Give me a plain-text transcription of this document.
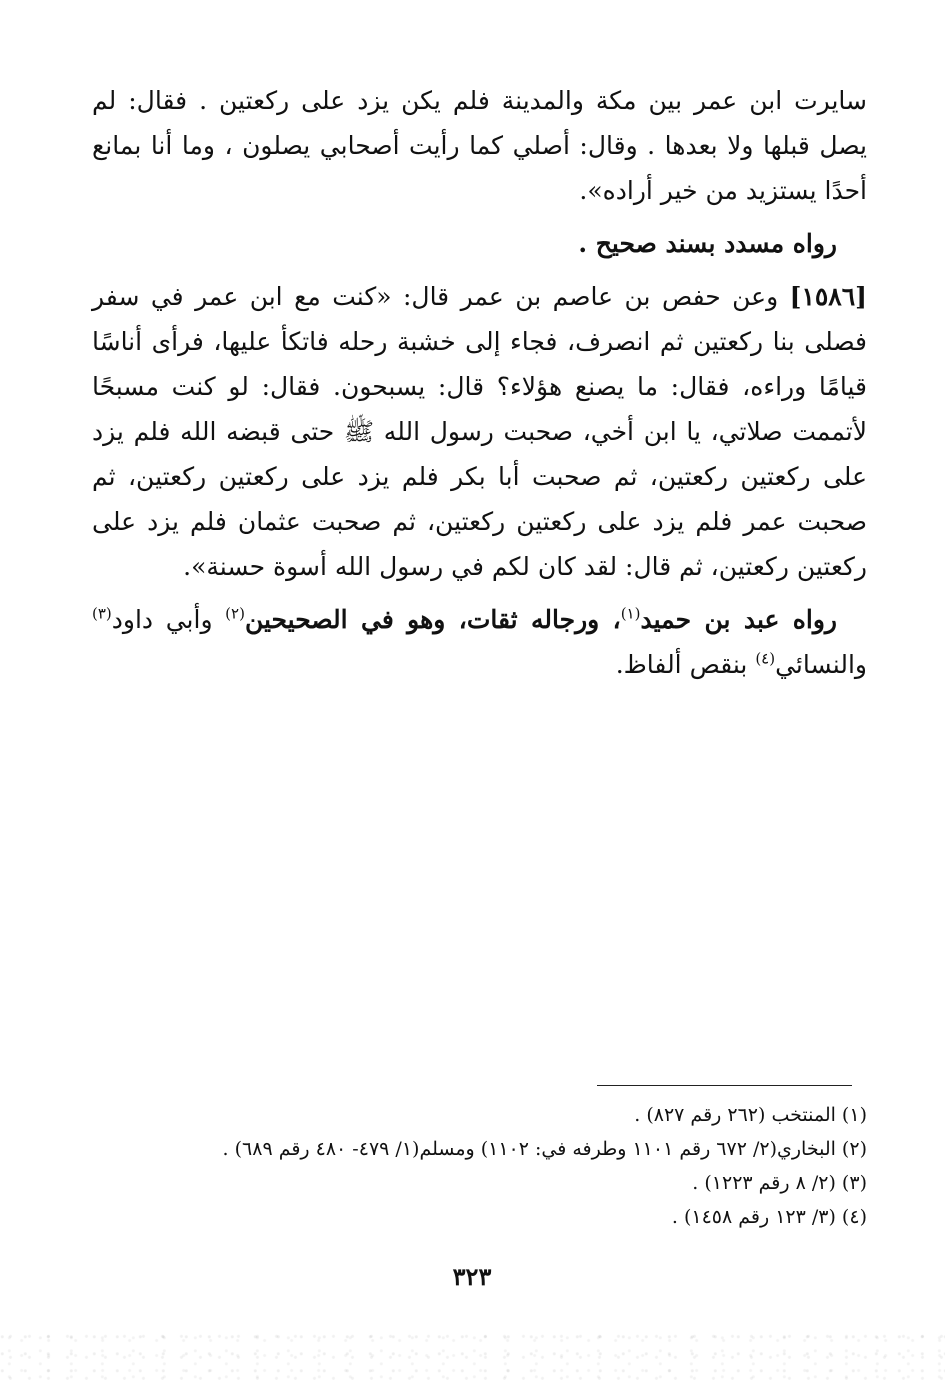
سايرت ابن عمر بين مكة والمدينة فلم يكن يزد على ركعتين . فقال: لم يصل قبلها ولا بعدها . وقال: أصلي كما رأيت أصحابي يصلون ، وما أنا بمانع أحدًا يستزيد من خير أراده».

رواه مسدد بسند صحيح .

[١٥٨٦] وعن حفص بن عاصم بن عمر قال: «كنت مع ابن عمر في سفر فصلى بنا ركعتين ثم انصرف، فجاء إلى خشبة رحله فاتكأ عليها، فرأى أناسًا قيامًا وراءه، فقال: ما يصنع هؤلاء؟ قال: يسبحون. فقال: لو كنت مسبحًا لأتممت صلاتي، يا ابن أخي، صحبت رسول الله ﷺ حتى قبضه الله فلم يزد على ركعتين ركعتين، ثم صحبت أبا بكر فلم يزد على ركعتين ركعتين، ثم صحبت عمر فلم يزد على ركعتين ركعتين، ثم صحبت عثمان فلم يزد على ركعتين ركعتين، ثم قال: لقد كان لكم في رسول الله أسوة حسنة».

رواه عبد بن حميد$^{(١)}$، ورجاله ثقات، وهو في الصحيحين$^{(٢)}$ وأبي داود$^{(٣)}$ والنسائي$^{(٤)}$ بنقص ألفاظ.

(١) المنتخب (٢٦٢ رقم ٨٢٧) .

(٢) البخاري(٢/ ٦٧٢ رقم ١١٠١ وطرفه في: ١١٠٢) ومسلم(١/ ٤٧٩- ٤٨٠ رقم ٦٨٩) .

(٣) (٢/ ٨ رقم ١٢٢٣) .

(٤) (٣/ ١٢٣ رقم ١٤٥٨) .

٣٢٣
